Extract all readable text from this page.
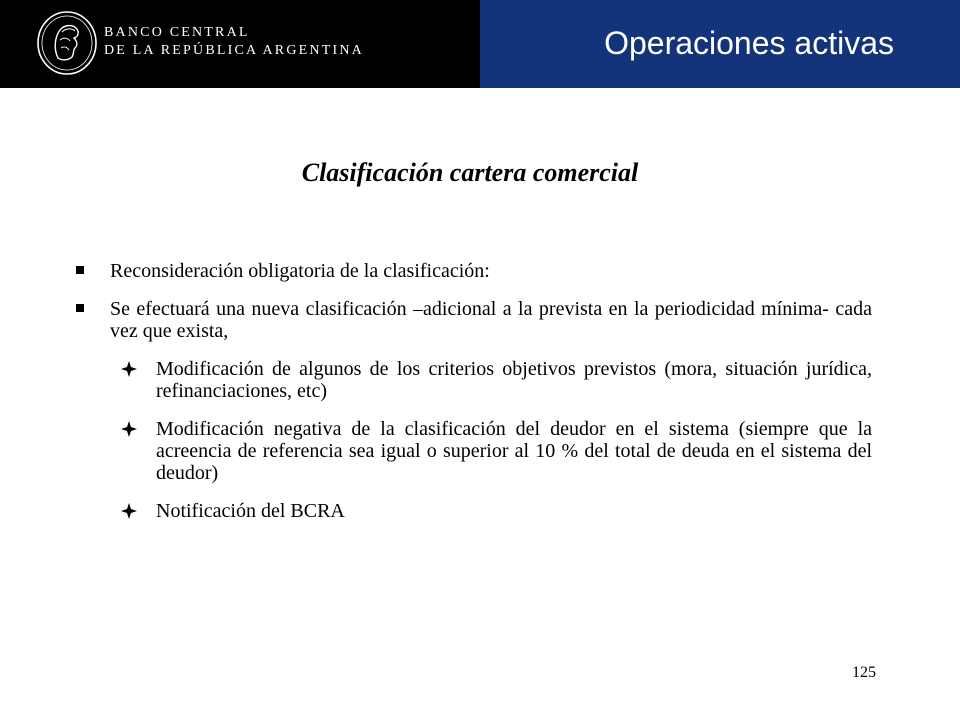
BANCO CENTRAL
DE LA REPÚBLICA ARGENTINA	Operaciones activas
Clasificación cartera comercial
Reconsideración obligatoria de la clasificación:
Se efectuará una nueva clasificación –adicional a la prevista en la periodicidad mínima- cada vez que exista,
Modificación de algunos de los criterios objetivos previstos (mora, situación jurídica, refinanciaciones, etc)
Modificación negativa de la clasificación del deudor en el sistema (siempre que la acreencia de referencia sea igual o superior al 10 % del total de deuda en el sistema del deudor)
Notificación del BCRA
125
